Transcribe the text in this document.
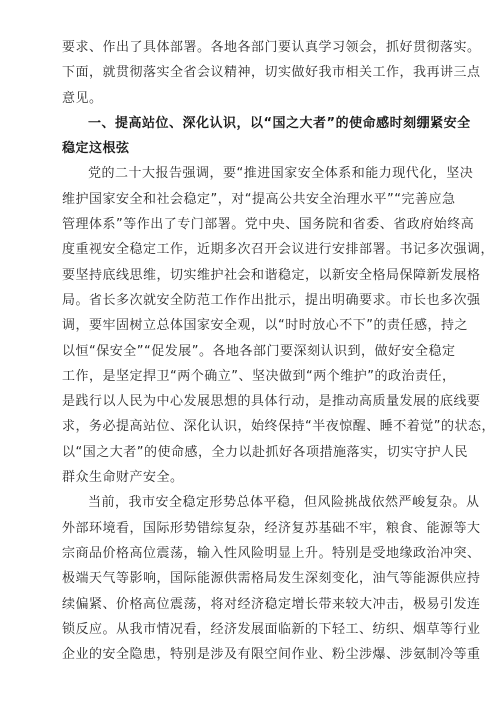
要求、作出了具体部署。各地各部门要认真学习领会，抓好贯彻落实。
下面，就贯彻落实全省会议精神，切实做好我市相关工作，我再讲三点
意见。
一、提高站位、深化认识，以“国之大者”的使命感时刻绷紧安全
稳定这根弦
党的二十大报告强调，要“推进国家安全体系和能力现代化，坚决
维护国家安全和社会稳定”，对“提高公共安全治理水平”“完善应急
管理体系”等作出了专门部署。党中央、国务院和省委、省政府始终高
度重视安全稳定工作，近期多次召开会议进行安排部署。书记多次强调，
要坚持底线思维，切实维护社会和谐稳定，以新安全格局保障新发展格
局。省长多次就安全防范工作作出批示，提出明确要求。市长也多次强
调，要牢固树立总体国家安全观，以“时时放心不下”的责任感，持之
以恒“保安全”“促发展”。各地各部门要深刻认识到，做好安全稳定
工作，是坚定捍卫“两个确立”、坚决做到“两个维护”的政治责任，
是践行以人民为中心发展思想的具体行动，是推动高质量发展的底线要
求，务必提高站位、深化认识，始终保持“半夜惊醒、睡不着觉”的状态，
以“国之大者”的使命感，全力以赴抓好各项措施落实，切实守护人民
群众生命财产安全。
当前，我市安全稳定形势总体平稳，但风险挑战依然严峻复杂。从
外部环境看，国际形势错综复杂，经济复苏基础不牢，粮食、能源等大
宗商品价格高位震荡，输入性风险明显上升。特别是受地缘政治冲突、
极端天气等影响，国际能源供需格局发生深刻变化，油气等能源供应持
续偏紧、价格高位震荡，将对经济稳定增长带来较大冲击，极易引发连
锁反应。从我市情况看，经济发展面临新的下轻工、纺织、烟草等行业
企业的安全隐患，特别是涉及有限空间作业、粉尘涉爆、涉氨制冷等重
